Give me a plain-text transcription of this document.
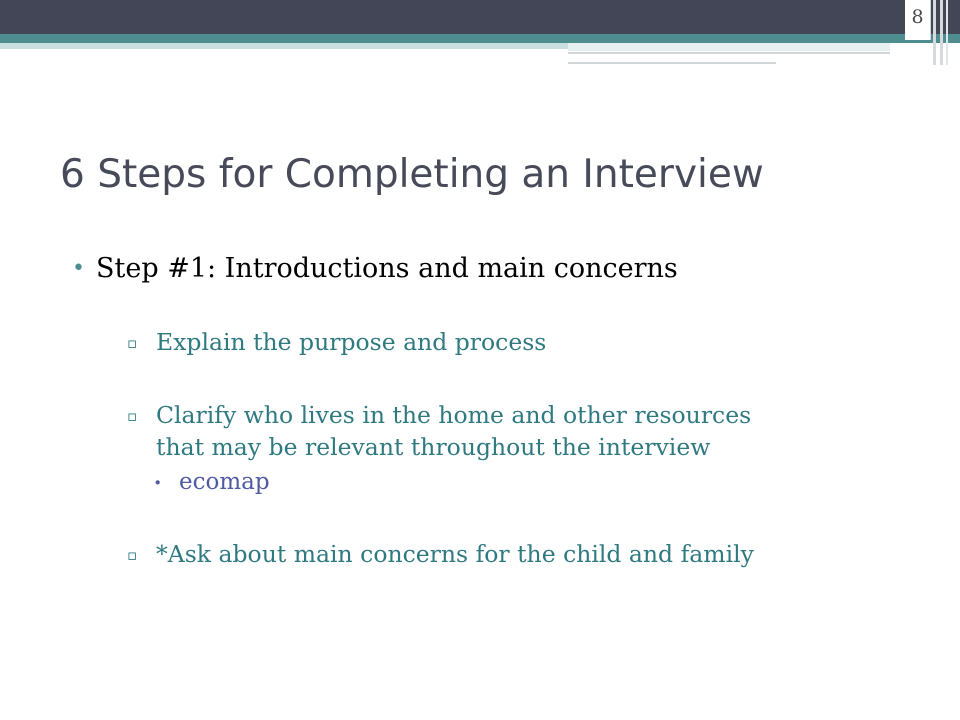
8
6 Steps for Completing an Interview
• Step #1: Introductions and main concerns
▫ Explain the purpose and process
▫ Clarify who lives in the home and other resources
that may be relevant throughout the interview
∙ ecomap
▫ *Ask about main concerns for the child and family
